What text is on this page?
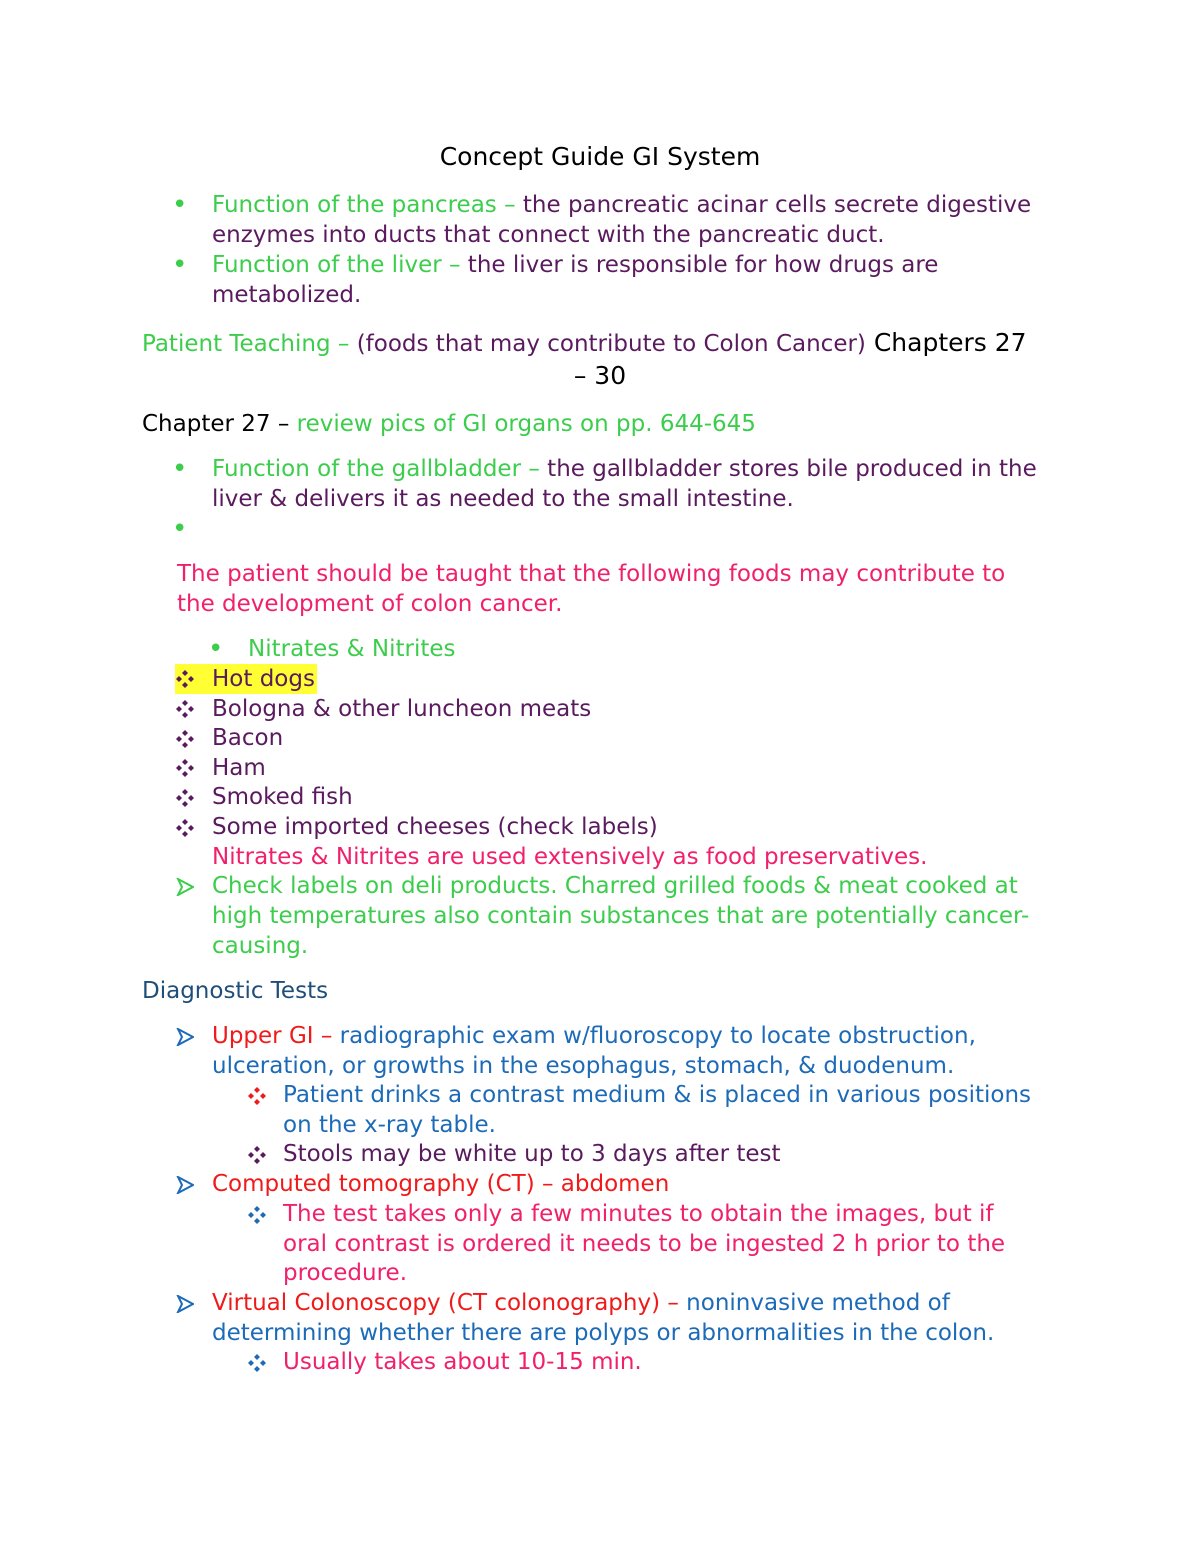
Concept Guide GI System
• Function of the pancreas – the pancreatic acinar cells secrete digestive
enzymes into ducts that connect with the pancreatic duct.
• Function of the liver – the liver is responsible for how drugs are
metabolized.
Patient Teaching – (foods that may contribute to Colon Cancer) Chapters 27
– 30
Chapter 27 – review pics of GI organs on pp. 644-645
• Function of the gallbladder – the gallbladder stores bile produced in the
liver & delivers it as needed to the small intestine.
•
The patient should be taught that the following foods may contribute to
the development of colon cancer.
• Nitrates & Nitrites
Hot dogs
Bologna & other luncheon meats
Bacon
Ham
Smoked fish
Some imported cheeses (check labels)
Nitrates & Nitrites are used extensively as food preservatives.
Check labels on deli products. Charred grilled foods & meat cooked at
high temperatures also contain substances that are potentially cancer-
causing.
Diagnostic Tests
Upper GI – radiographic exam w/fluoroscopy to locate obstruction,
ulceration, or growths in the esophagus, stomach, & duodenum.
Patient drinks a contrast medium & is placed in various positions
on the x-ray table.
Stools may be white up to 3 days after test
Computed tomography (CT) – abdomen
The test takes only a few minutes to obtain the images, but if
oral contrast is ordered it needs to be ingested 2 h prior to the
procedure.
Virtual Colonoscopy (CT colonography) – noninvasive method of
determining whether there are polyps or abnormalities in the colon.
Usually takes about 10-15 min.
